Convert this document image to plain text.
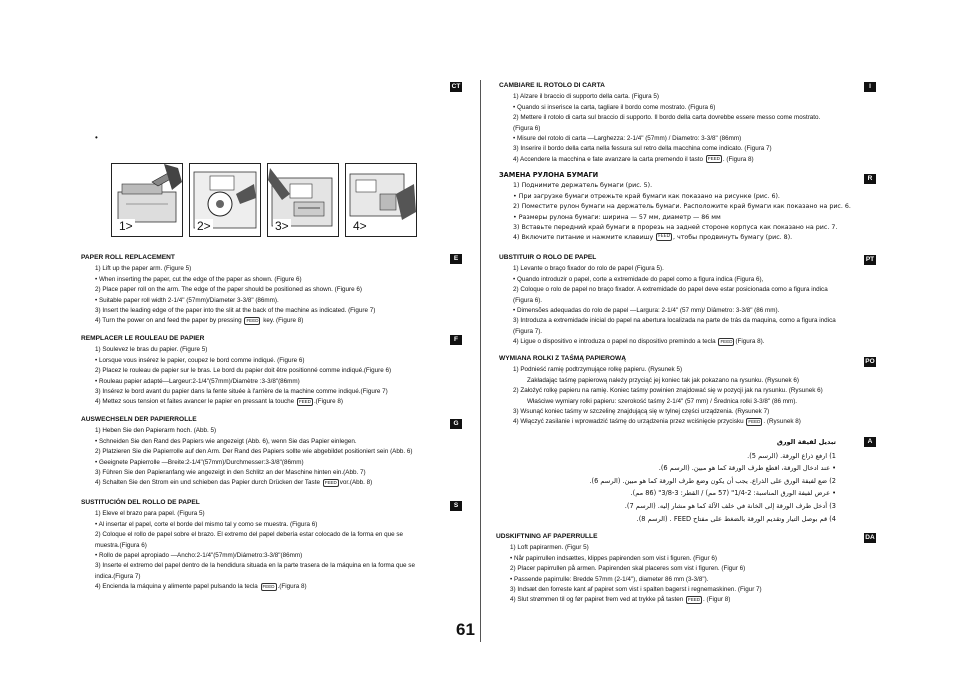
CT
•
1>	2>	3>	4>
E
PAPER ROLL REPLACEMENT
1) Lift up the paper arm. (Figure 5)
• When inserting the paper, cut the edge of the paper as shown. (Figure 6)
2) Place paper roll on the arm. The edge of the paper should be positioned as shown. (Figure 6)
• Suitable paper roll width 2-1/4" (57mm)/Diameter 3-3/8" (86mm).
3) Insert the leading edge of the paper into the slit at the back of the machine as indicated. (Figure 7)
4) Turn the power on and feed the paper by pressing FEED key. (Figure 8)
F
REMPLACER LE ROULEAU DE PAPIER
1) Soulevez le bras du papier. (Figure 5)
• Lorsque vous insérez le papier, coupez le bord comme indiqué. (Figure 6)
2) Placez le rouleau de papier sur le bras. Le bord du papier doit être positionné comme indiqué.(Figure 6)
• Rouleau papier adapté—Largeur:2-1/4"(57mm)/Diamètre :3-3/8"(86mm)
3) Insérez le bord avant du papier dans la fente située à l'arrière de la machine comme indiqué.(Figure 7)
4) Mettez sous tension et faites avancer le papier en pressant la touche FEED .(Figure 8)
G
AUSWECHSELN DER PAPIERROLLE
1) Heben Sie den Papierarm hoch. (Abb. 5)
• Schneiden Sie den Rand des Papiers wie angezeigt (Abb. 6), wenn Sie das Papier einlegen.
2) Platzieren Sie die Papierrolle auf den Arm. Der Rand des Papiers sollte wie abgebildet positioniert sein (Abb. 6)
• Geeignete Papierrolle —Breite:2-1/4"(57mm)/Durchmesser:3-3/8"(86mm)
3) Führen Sie den Papieranfang wie angezeigt in den Schlitz an der Maschine hinten ein.(Abb. 7)
4) Schalten Sie den Strom ein und schieben das Papier durch Drücken der Taste FEED vor.(Abb. 8)
S
SUSTITUCIÓN DEL ROLLO DE PAPEL
1) Eleve el brazo para papel. (Figura 5)
• Al insertar el papel, corte el borde del mismo tal y como se muestra. (Figura 6)
2) Coloque el rollo de papel sobre el brazo. El extremo del papel debería estar colocado de la forma en que se
muestra.(Figura 6)
• Rollo de papel apropiado —Ancho:2-1/4"(57mm)/Diámetro:3-3/8"(86mm)
3) Inserte el extremo del papel dentro de la hendidura situada en la parte trasera de la máquina en la forma que se
indica.(Figura 7)
4) Encienda la máquina y alimente papel pulsando la tecla FEED .(Figura 8)
I
CAMBIARE IL ROTOLO DI CARTA
1) Alzare il braccio di supporto della carta. (Figura 5)
• Quando si inserisce la carta, tagliare il bordo come mostrato. (Figura 6)
2) Mettere il rotolo di carta sul braccio di supporto. Il bordo della carta dovrebbe essere messo come mostrato.
(Figura 6)
• Misure del rotolo di carta —Larghezza: 2-1/4" (57mm) / Diametro: 3-3/8" (86mm)
3) Inserire il bordo della carta nella fessura sul retro della macchina come indicato. (Figura 7)
4) Accendere la macchina e fate avanzare la carta premendo il tasto FEED . (Figura 8)
R
ЗАМЕНА РУЛОНА БУМАГИ
1) Поднимите держатель бумаги (рис. 5).
• При загрузке бумаги отрежьте край бумаги как показано на рисунке (рис. 6).
2) Поместите рулон бумаги на держатель бумаги. Расположите край бумаги как показано на рис. 6.
• Размеры рулона бумаги: ширина — 57 мм, диаметр — 86 мм
3) Вставьте передний край бумаги в прорезь на задней стороне корпуса как показано на рис. 7.
4) Включите питание и нажмите клавишу FEED , чтобы продвинуть бумагу (рис. 8).
PT
UBSTITUIR O ROLO DE PAPEL
1) Levante o braço fixador do rolo de papel (Figura 5).
• Quando introduzir o papel, corte a extremidade do papel como a figura indica (Figura 6),
2) Coloque o rolo de papel no braço fixador. A extremidade do papel deve estar posicionada como a figura indica
(Figura 6).
• Dimensões adequadas do rolo de papel —Largura: 2-1/4" (57 mm)/ Diâmetro: 3-3/8" (86 mm).
3) Introduza a extremidade inicial do papel na abertura localizada na parte de trás da maquina, como a figura indica
(Figura 7).
4) Ligue o dispositivo e introduza o papel no dispositivo premindo a tecla FEED (Figura 8).
PO
WYMIANA ROLKI Z TAŚMĄ PAPIEROWĄ
1) Podnieść ramię podtrzymujące rolkę papieru. (Rysunek 5)
Zakładając taśmę papierową należy przyciąć jej koniec tak jak pokazano na rysunku. (Rysunek 6)
2) Założyć rolkę papieru na ramię. Koniec taśmy powinien znajdować się w pozycji jak na rysunku. (Rysunek 6)
Właściwe wymiary rolki papieru: szerokość taśmy 2-1/4" (57 mm) / Średnica rolki 3-3/8" (86 mm).
3) Wsunąć koniec taśmy w szczelinę znajdującą się w tylnej części urządzenia. (Rysunek 7)
4) Włączyć zasilanie i wprowadzić taśmę do urządzenia przez wciśnięcie przycisku FEED . (Rysunek 8)
A
تبديل لفيفة الورق
1) ارفع ذراع الورقة. (الرسم 5).
• عند ادخال الورقة، اقطع طرف الورقة كما هو مبين. (الرسم 6).
2) ضع لفيفة الورق على الذراع. يجب أن يكون وضع طرف الورقة كما هو مبين. (الرسم 6).
• عرض لفيفة الورق المناسبة: 2-1/4" (57 مم) / القطر: 3-3/8" (86 مم).
3) أدخل طرف الورقة إلى الخانة في خلف الآلة كما هو مشار إليه. (الرسم 7).
4) قم بوصل التيار وتقديم الورقة بالضغط على مفتاح FEED . (الرسم 8).
DA
UDSKIFTNING AF PAPERRULLE
1) Loft papirarmen. (Figur 5)
• Når papirrullen indsættes, klippes papirenden som vist i figuren. (Figur 6)
2) Placer papirrullen på armen. Papirenden skal placeres som vist i figuren. (Figur 6)
• Passende papirrulle: Bredde 57mm (2-1/4"), diameter 86 mm (3-3/8").
3) Indsæt den forreste kant af papiret som vist i spalten bagerst i regnemaskinen. (Figur 7)
4) Slut strømmen til og før papiret frem ved at trykke på tasten FEED . (Figur 8)
61
